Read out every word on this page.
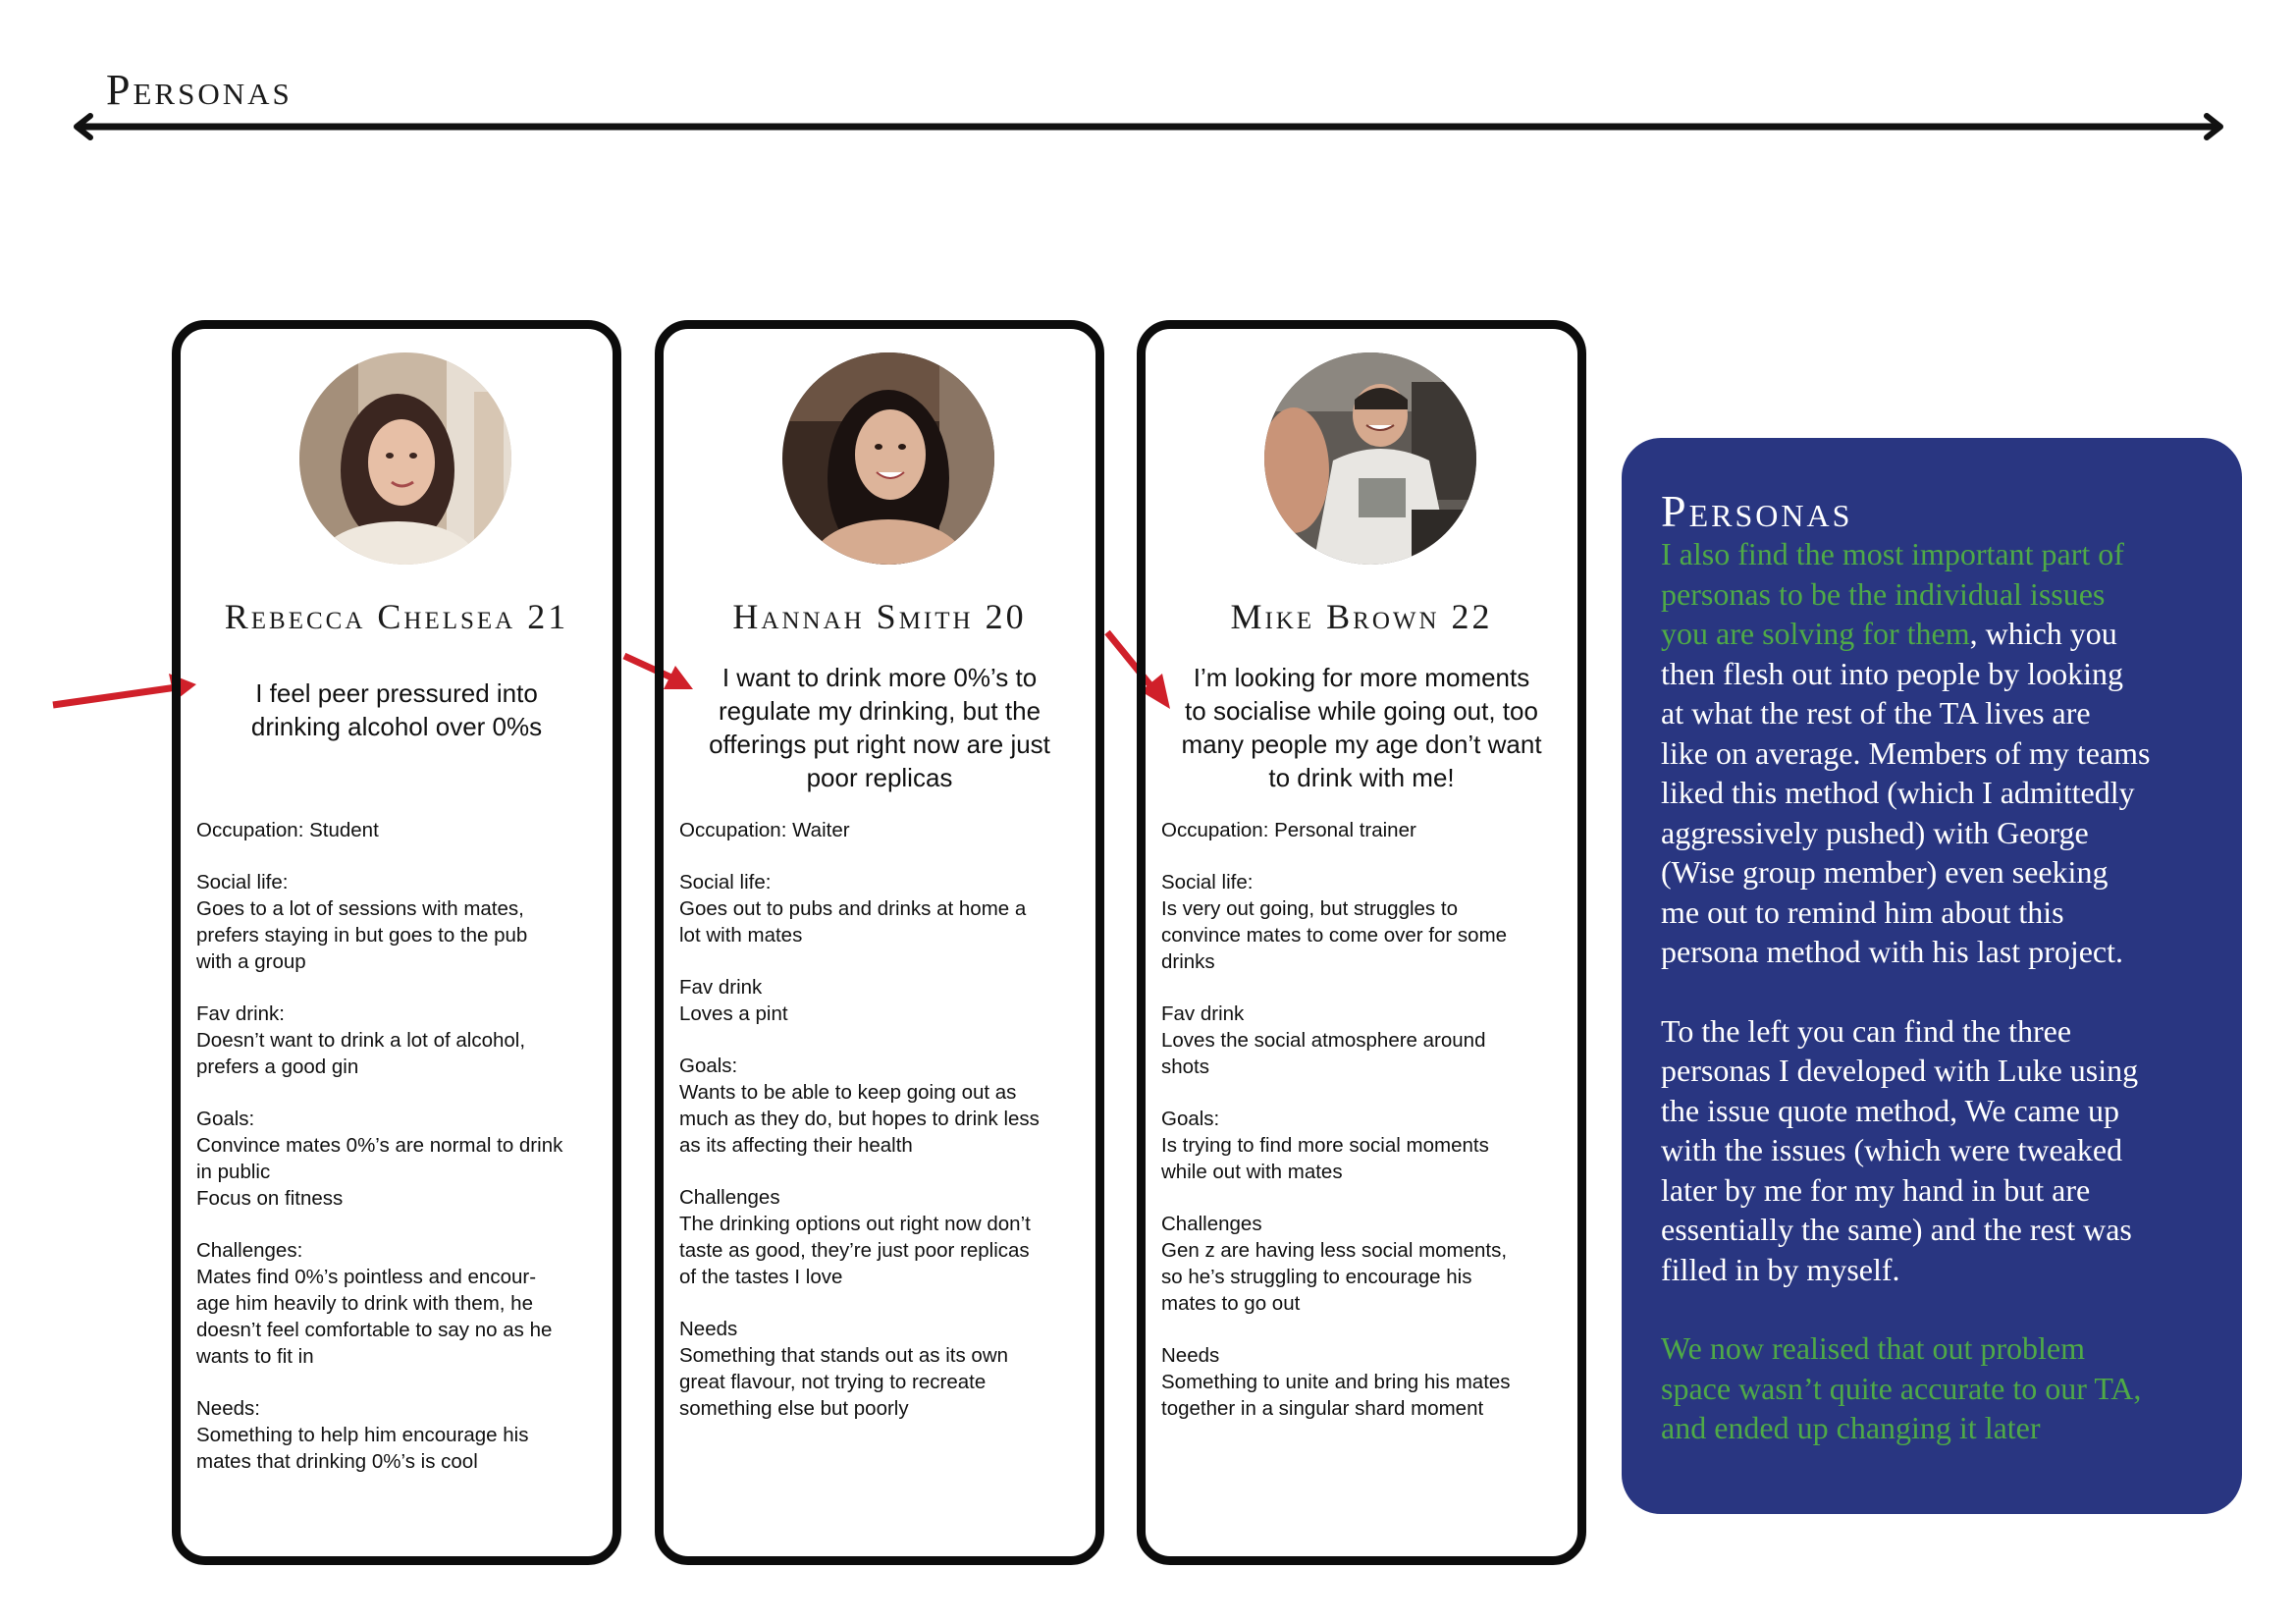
Personas
Rebecca Chelsea 21
I feel peer pressured into
drinking alcohol over 0%s
Occupation: Student
Social life:
Goes to a lot of sessions with mates,
prefers staying in but goes to the pub
with a group
Fav drink:
Doesn’t want to drink a lot of alcohol,
prefers a good gin
Goals:
Convince mates 0%’s are normal to drink
in public
Focus on fitness
Challenges:
Mates find 0%’s pointless and encour-
age him heavily to drink with them, he
doesn’t feel comfortable to say no as he
wants to fit in
Needs:
Something to help him encourage his
mates that drinking 0%’s is cool
Hannah Smith 20
I want to drink more 0%’s to
regulate my drinking, but the
offerings put right now are just
poor replicas
Occupation: Waiter
Social life:
Goes out to pubs and drinks at home a
lot with mates
Fav drink
Loves a pint
Goals:
Wants to be able to keep going out as
much as they do, but hopes to drink less
as its affecting their health
Challenges
The drinking options out right now don’t
taste as good, they’re just poor replicas
of the tastes I love
Needs
Something that stands out as its own
great flavour, not trying to recreate
something else but poorly
Mike Brown 22
I’m looking for more moments
to socialise while going out, too
many people my age don’t want
to drink with me!
Occupation: Personal trainer
Social life:
Is very out going, but struggles to
convince mates to come over for some
drinks
Fav drink
Loves the social atmosphere around
shots
Goals:
Is trying to find more social moments
while out with mates
Challenges
Gen z are having less social moments,
so he’s struggling to encourage his
mates to go out
Needs
Something to unite and bring his mates
together in a singular shard moment
Personas
I also find the most important part of
personas to be the individual issues
you are solving for them, which you
then flesh out into people by looking
at what the rest of the TA lives are
like on average. Members of my teams
liked this method (which I admittedly
aggressively pushed) with George
(Wise group member) even seeking
me out to remind him about this
persona method with his last project.
To the left you can find the three
personas I developed with Luke using
the issue quote method, We came up
with the issues (which were tweaked
later by me for my hand in but are
essentially the same) and the rest was
filled in by myself.
We now realised that out problem
space wasn’t quite accurate to our TA,
and ended up changing it later
